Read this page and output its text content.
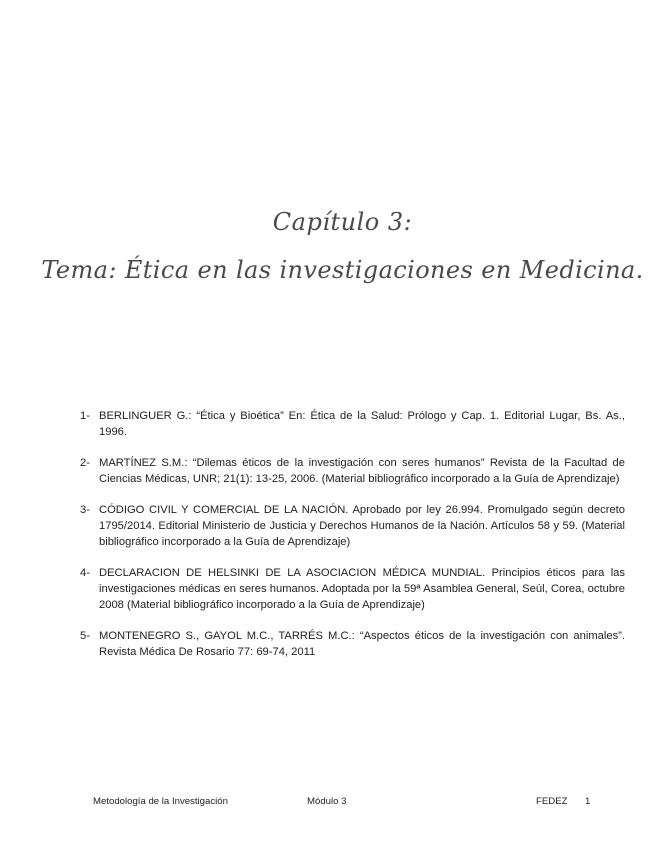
Capítulo 3:
Tema: Ética en las investigaciones en Medicina.
1- BERLINGUER G.: “Ética y Bioética” En: Ética de la Salud: Prólogo y Cap. 1. Editorial Lugar, Bs. As., 1996.
2- MARTÍNEZ S.M.: “Dilemas éticos de la investigación con seres humanos” Revista de la Facultad de Ciencias Médicas, UNR; 21(1): 13-25, 2006. (Material bibliográfico incorporado a la Guía de Aprendizaje)
3- CÓDIGO CIVIL Y COMERCIAL DE LA NACIÓN. Aprobado por ley 26.994. Promulgado según decreto 1795/2014. Editorial Ministerio de Justicia y Derechos Humanos de la Nación. Artículos 58 y 59. (Material bibliográfico incorporado a la Guía de Aprendizaje)
4- DECLARACION DE HELSINKI DE LA ASOCIACION MÉDICA MUNDIAL. Principios éticos para las investigaciones médicas en seres humanos. Adoptada por la 59ª Asamblea General, Seúl, Corea, octubre 2008 (Material bibliográfico incorporado a la Guía de Aprendizaje)
5- MONTENEGRO S., GAYOL M.C., TARRÉS M.C.: “Aspectos éticos de la investigación con animales”. Revista Médica De Rosario 77: 69-74, 2011
Metodología de la Investigación	Módulo 3	FEDEZ 1
